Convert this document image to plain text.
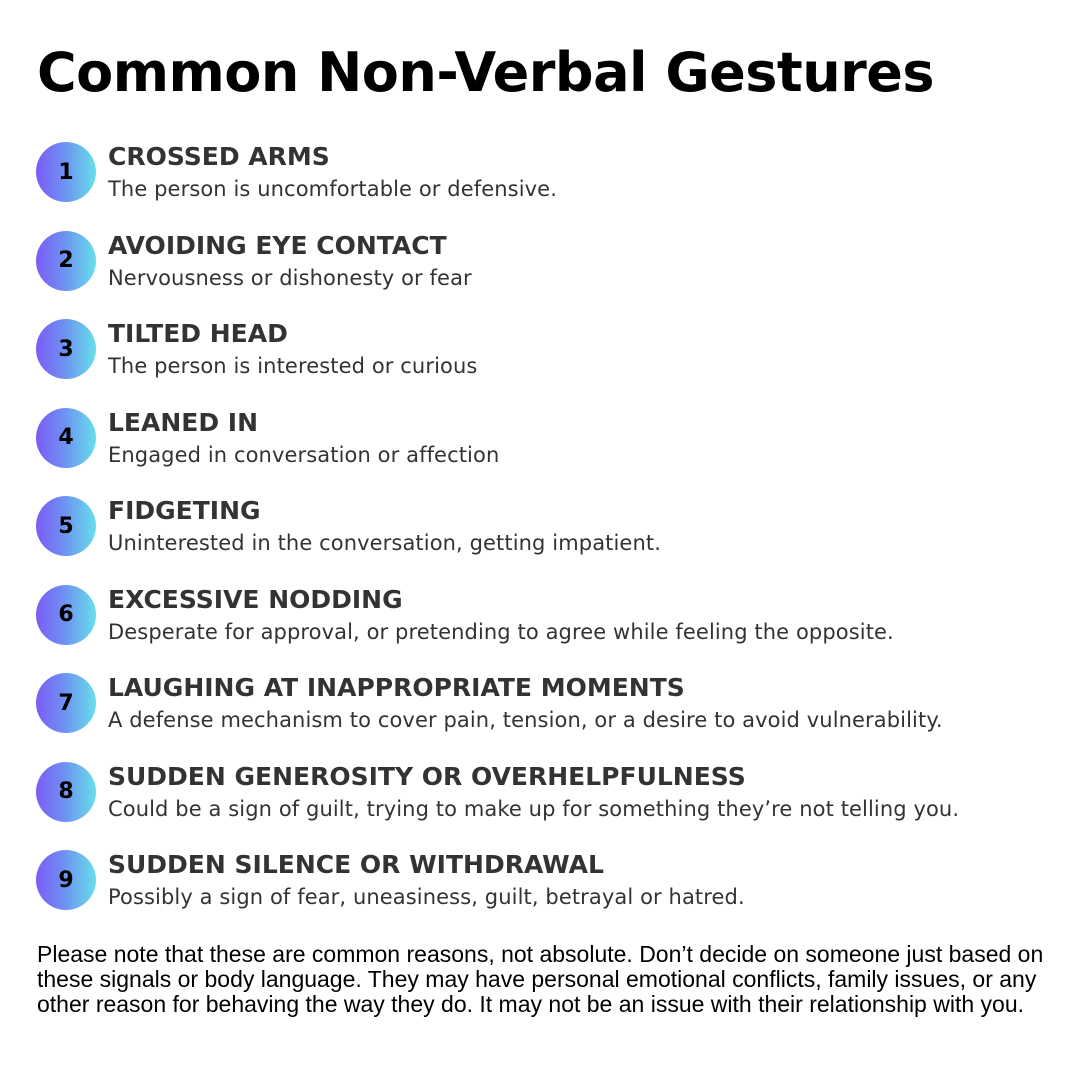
Common Non-Verbal Gestures
1
CROSSED ARMS
The person is uncomfortable or defensive.
2
AVOIDING EYE CONTACT
Nervousness or dishonesty or fear
3
TILTED HEAD
The person is interested or curious
4
LEANED IN
Engaged in conversation or affection
5
FIDGETING
Uninterested in the conversation, getting impatient.
6
EXCESSIVE NODDING
Desperate for approval, or pretending to agree while feeling the opposite.
7
LAUGHING AT INAPPROPRIATE MOMENTS
A defense mechanism to cover pain, tension, or a desire to avoid vulnerability.
8
SUDDEN GENEROSITY OR OVERHELPFULNESS
Could be a sign of guilt, trying to make up for something they’re not telling you.
9
SUDDEN SILENCE OR WITHDRAWAL
Possibly a sign of fear, uneasiness, guilt, betrayal or hatred.

Please note that these are common reasons, not absolute. Don’t decide on someone just based on these signals or body language. They may have personal emotional conflicts, family issues, or any other reason for behaving the way they do. It may not be an issue with their relationship with you.
